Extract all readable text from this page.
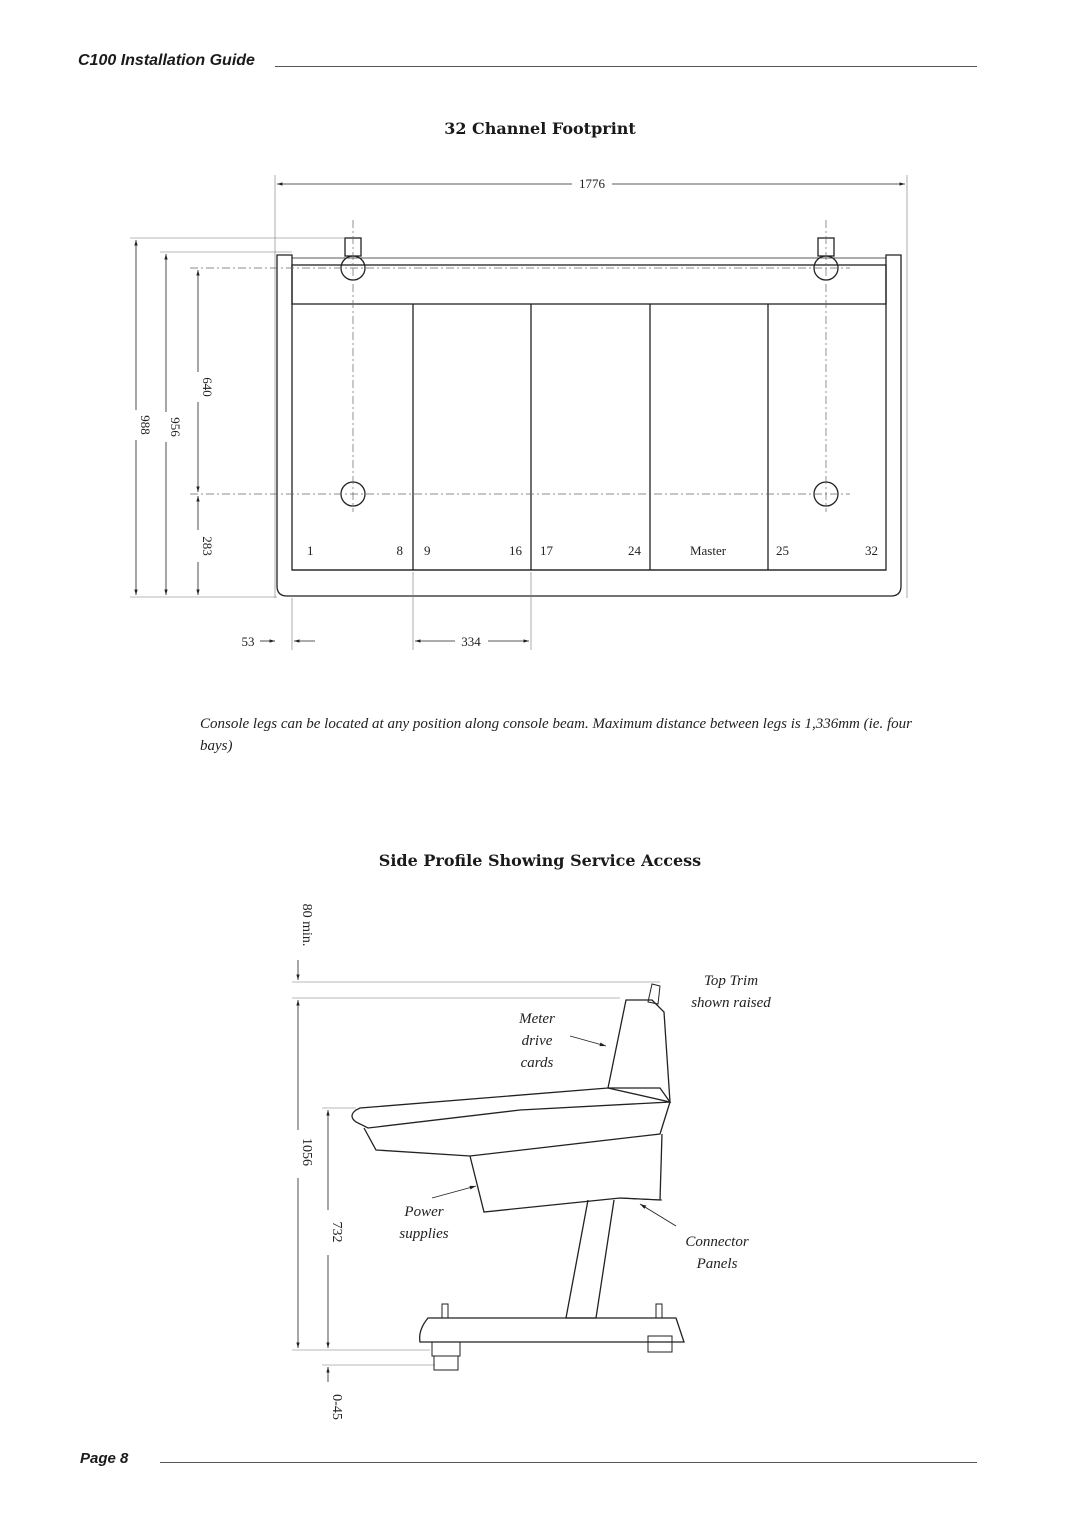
C100 Installation Guide
32 Channel Footprint
1776
988 956
640
283
53	334
1	8 9	16 17	24	Master	25	32
80 min.
1056
732
0-45
Top Trim
shown raised
Meter
drive
cards
Power
supplies	Connector
Panels
Console legs can be located at any position along console beam. Maximum distance between legs is 1,336mm (ie. four bays)
Side Profile Showing Service Access
Page 8
